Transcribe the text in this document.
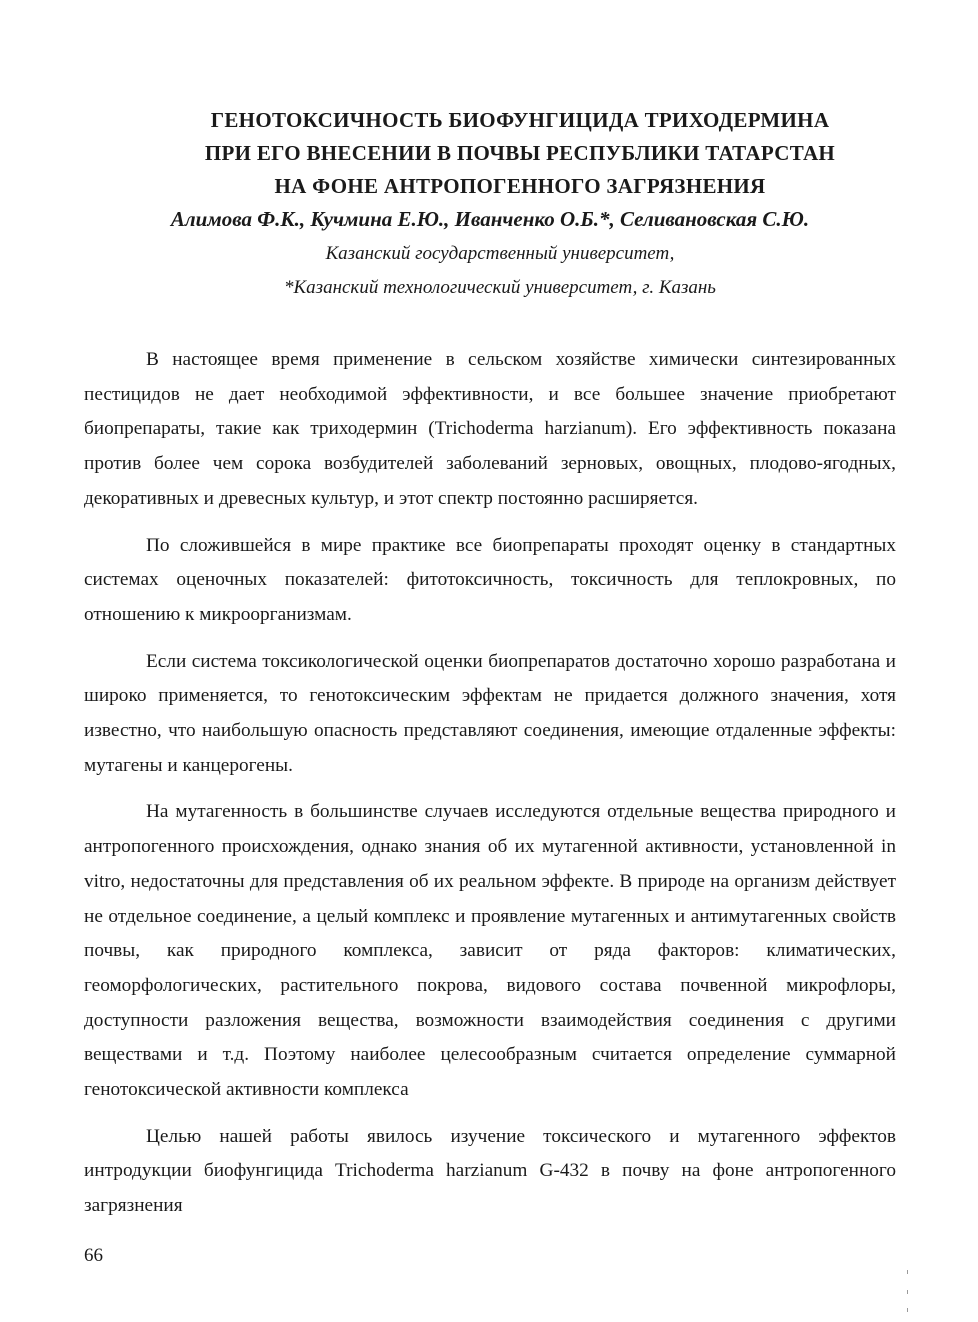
ГЕНОТОКСИЧНОСТЬ БИОФУНГИЦИДА ТРИХОДЕРМИНА
ПРИ ЕГО ВНЕСЕНИИ В ПОЧВЫ РЕСПУБЛИКИ ТАТАРСТАН
НА ФОНЕ АНТРОПОГЕННОГО ЗАГРЯЗНЕНИЯ
Алимова Ф.К., Кучмина Е.Ю., Иванченко О.Б.*, Селивановская С.Ю.
Казанский государственный университет,
*Казанский технологический университет, г. Казань

В настоящее время применение в сельском хозяйстве химически синтезированных пестицидов не дает необходимой эффективности, и все большее значение приобретают биопрепараты, такие как триходермин (Trichoderma harzianum). Его эффективность показана против более чем сорока возбудителей заболеваний зерновых, овощных, плодово-ягодных, декоративных и древесных культур, и этот спектр постоянно расширяется.

По сложившейся в мире практике все биопрепараты проходят оценку в стандартных системах оценочных показателей: фитотоксичность, токсичность для теплокровных, по отношению к микроорганизмам.

Если система токсикологической оценки биопрепаратов достаточно хорошо разработана и широко применяется, то генотоксическим эффектам не придается должного значения, хотя известно, что наибольшую опасность представляют соединения, имеющие отдаленные эффекты: мутагены и канцерогены.

На мутагенность в большинстве случаев исследуются отдельные вещества природного и антропогенного происхождения, однако знания об их мутагенной активности, установленной in vitro, недостаточны для представления об их реальном эффекте. В природе на организм действует не отдельное соединение, а целый комплекс и проявление мутагенных и антимутагенных свойств почвы, как природного комплекса, зависит от ряда факторов: климатических, геоморфологических, растительного покрова, видового состава почвенной микрофлоры, доступности разложения вещества, возможности взаимодействия соединения с другими веществами и т.д. Поэтому наиболее целесообразным считается определение суммарной генотоксической активности комплекса

Целью нашей работы явилось изучение токсического и мутагенного эффектов интродукции биофунгицида Trichoderma harzianum G-432 в почву на фоне антропогенного загрязнения

66
